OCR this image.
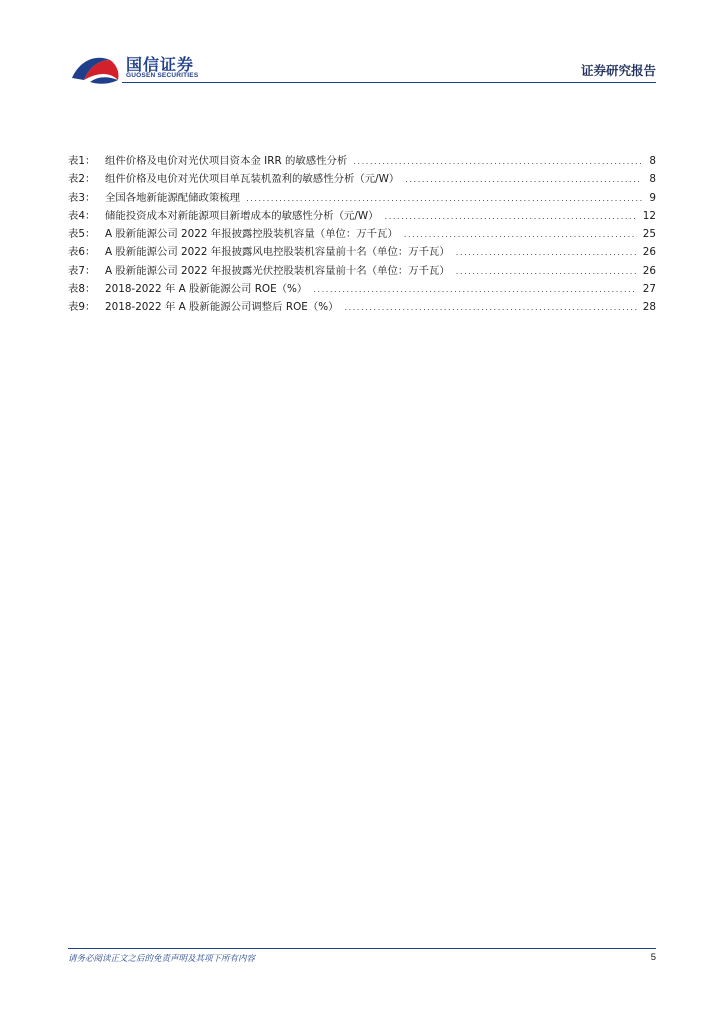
国信证券
GUOSEN SECURITIES	证券研究报告
表1： 组件价格及电价对光伏项目资本金 IRR 的敏感性分析 .....	8
表2： 组件价格及电价对光伏项目单瓦装机盈利的敏感性分析（元/W） .....	8
表3： 全国各地新能源配储政策梳理 .....	9
表4： 储能投资成本对新能源项目新增成本的敏感性分析（元/W） .....	12
表5： A 股新能源公司 2022 年报披露控股装机容量（单位：万千瓦） .....	25
表6： A 股新能源公司 2022 年报披露风电控股装机容量前十名（单位：万千瓦） .....	26
表7： A 股新能源公司 2022 年报披露光伏控股装机容量前十名（单位：万千瓦） .....	26
表8： 2018-2022 年 A 股新能源公司 ROE（%） .....	27
表9： 2018-2022 年 A 股新能源公司调整后 ROE（%） .....	28
请务必阅读正文之后的免责声明及其项下所有内容	5
